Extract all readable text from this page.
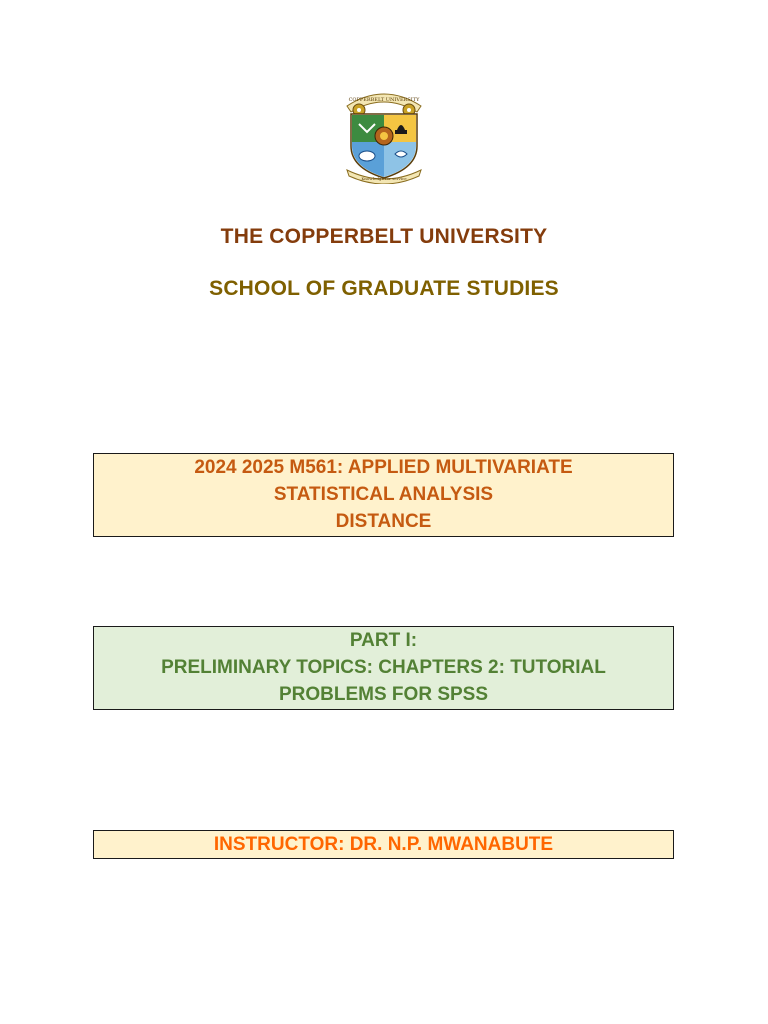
COPPERBELT UNIVERSITY
Knowledge for service
THE COPPERBELT UNIVERSITY
SCHOOL OF GRADUATE STUDIES
2024 2025 M561: APPLIED MULTIVARIATE
STATISTICAL ANALYSIS
DISTANCE
PART I:
PRELIMINARY TOPICS: CHAPTERS 2: TUTORIAL
PROBLEMS FOR SPSS
INSTRUCTOR: DR. N.P. MWANABUTE
